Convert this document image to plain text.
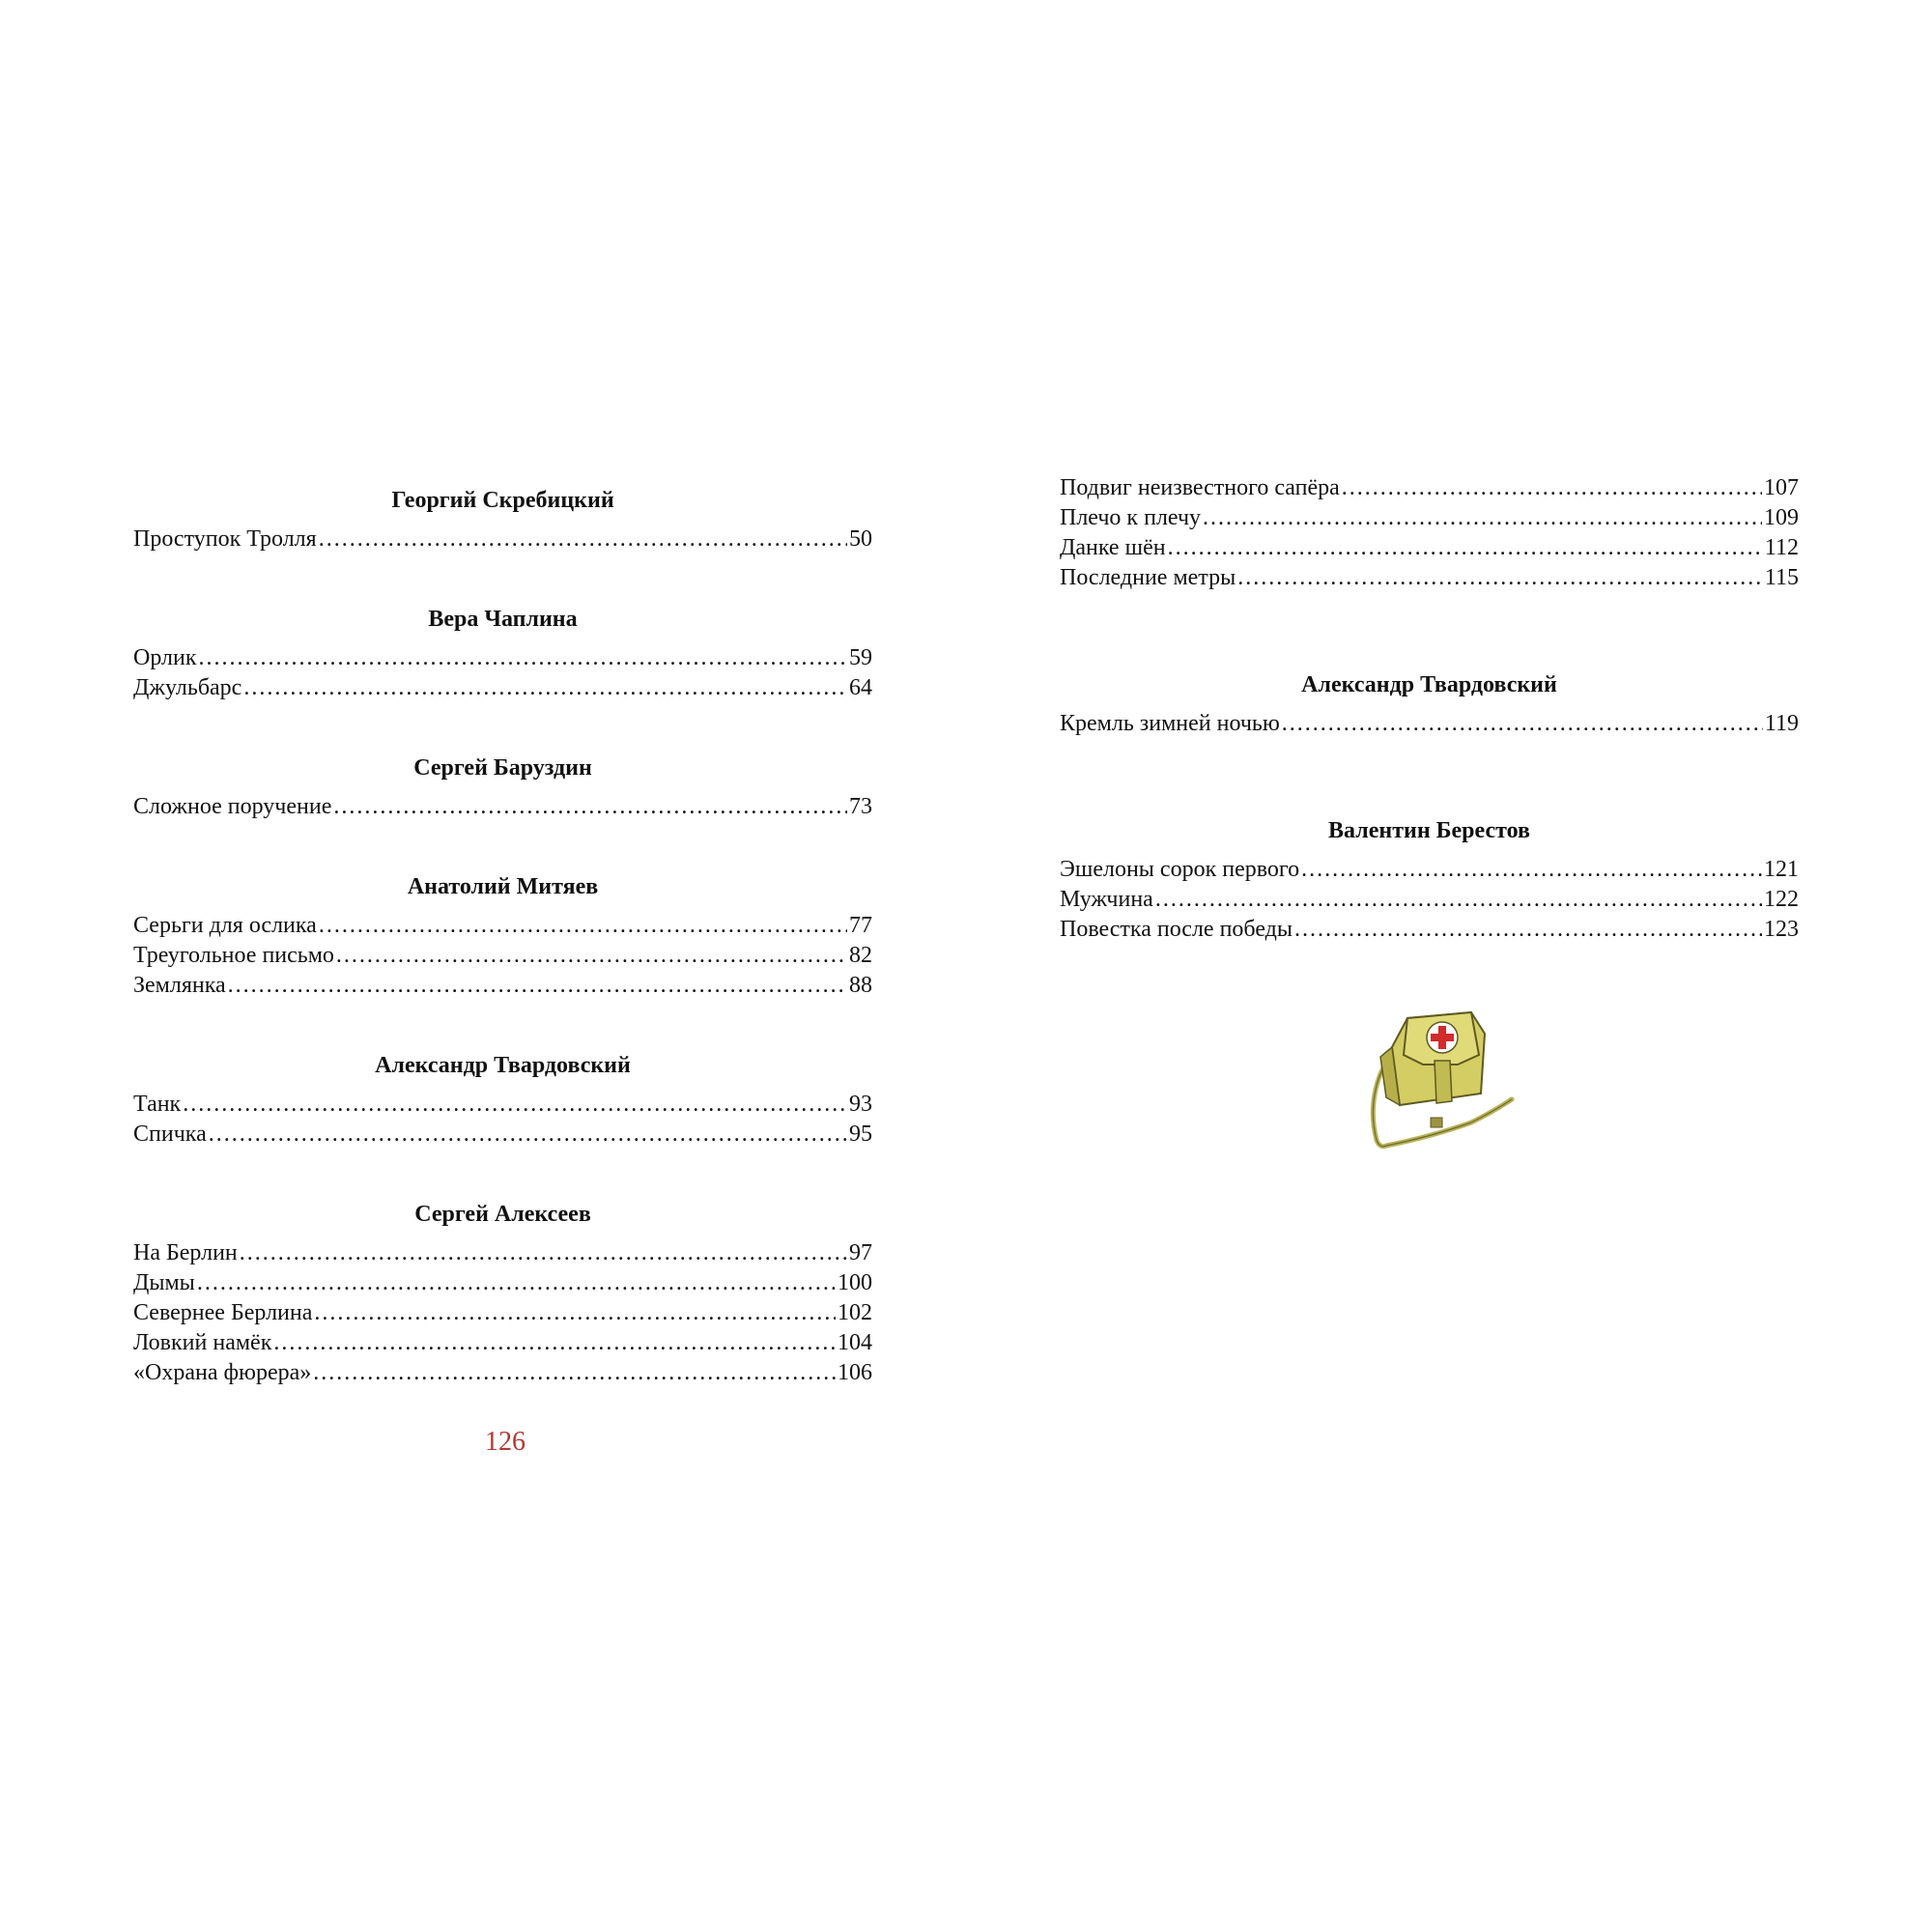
Георгий Скребицкий
Проступок Тролля .....	50
Вера Чаплина
Орлик .....	59
Джульбарс .....	64
Сергей Баруздин
Сложное поручение .....	73
Анатолий Митяев
Серьги для ослика .....	77
Треугольное письмо .....	82
Землянка .....	88
Александр Твардовский
Танк .....	93
Спичка .....	95
Сергей Алексеев
На Берлин .....	97
Дымы .....	100
Севернее Берлина .....	102
Ловкий намёк .....	104
«Охрана фюрера» .....	106
Подвиг неизвестного сапёра .....	107
Плечо к плечу .....	109
Данке шён .....	112
Последние метры .....	115
Александр Твардовский
Кремль зимней ночью .....	119
Валентин Берестов
Эшелоны сорок первого .....	121
Мужчина .....	122
Повестка после победы .....	123
126
